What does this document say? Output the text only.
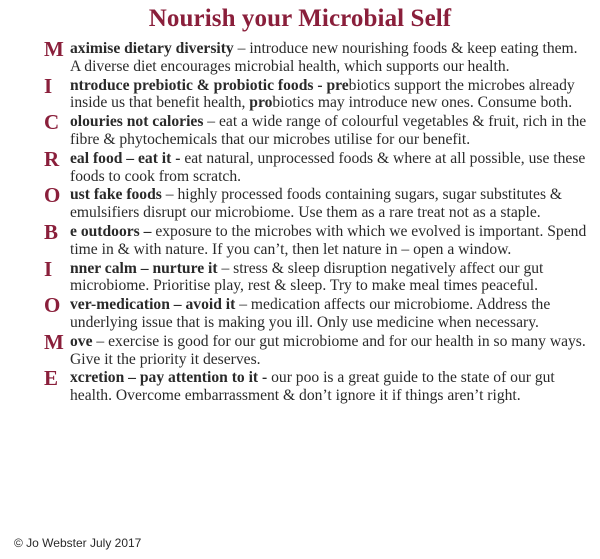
Nourish your Microbial Self
M aximise dietary diversity – introduce new nourishing foods & keep eating them. A diverse diet encourages microbial health, which supports our health.
I ntroduce prebiotic & probiotic foods - prebiotics support the microbes already inside us that benefit health, probiotics may introduce new ones. Consume both.
C olouries not calories – eat a wide range of colourful vegetables & fruit, rich in the fibre & phytochemicals that our microbes utilise for our benefit.
R eal food – eat it - eat natural, unprocessed foods & where at all possible, use these foods to cook from scratch.
O ust fake foods – highly processed foods containing sugars, sugar substitutes & emulsifiers disrupt our microbiome. Use them as a rare treat not as a staple.
B e outdoors – exposure to the microbes with which we evolved is important. Spend time in & with nature. If you can’t, then let nature in – open a window.
I nner calm – nurture it – stress & sleep disruption negatively affect our gut microbiome. Prioritise play, rest & sleep. Try to make meal times peaceful.
O ver-medication – avoid it – medication affects our microbiome. Address the underlying issue that is making you ill. Only use medicine when necessary.
M ove – exercise is good for our gut microbiome and for our health in so many ways. Give it the priority it deserves.
E xcretion – pay attention to it - our poo is a great guide to the state of our gut health. Overcome embarrassment & don’t ignore it if things aren’t right.
© Jo Webster July 2017
